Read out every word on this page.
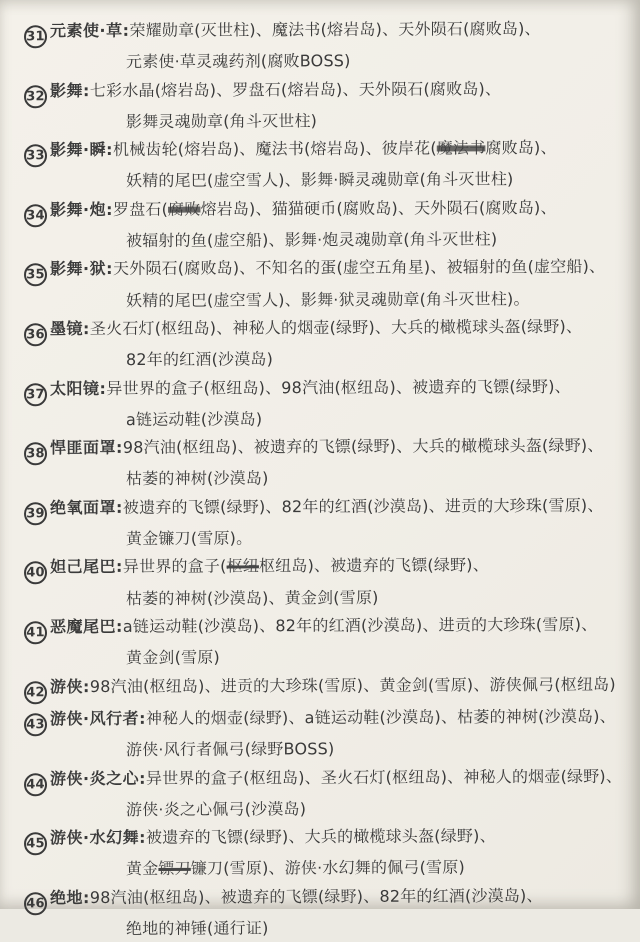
31 元素使·草:荣耀勋章(灭世柱)、魔法书(熔岩岛)、天外陨石(腐败岛)、
元素使·草灵魂药剂(腐败BOSS)
32 影舞:七彩水晶(熔岩岛)、罗盘石(熔岩岛)、天外陨石(腐败岛)、
影舞灵魂勋章(角斗灭世柱)
33 影舞·瞬:机械齿轮(熔岩岛)、魔法书(熔岩岛)、彼岸花(魔法书腐败岛)、
妖精的尾巴(虚空雪人)、影舞·瞬灵魂勋章(角斗灭世柱)
34 影舞·炮:罗盘石(腐败熔岩岛)、猫猫硬币(腐败岛)、天外陨石(腐败岛)、
被辐射的鱼(虚空船)、影舞·炮灵魂勋章(角斗灭世柱)
35 影舞·狱:天外陨石(腐败岛)、不知名的蛋(虚空五角星)、被辐射的鱼(虚空船)、
妖精的尾巴(虚空雪人)、影舞·狱灵魂勋章(角斗灭世柱)。
36 墨镜:圣火石灯(枢纽岛)、神秘人的烟壶(绿野)、大兵的橄榄球头盔(绿野)、
82年的红酒(沙漠岛)
37 太阳镜:异世界的盒子(枢纽岛)、98汽油(枢纽岛)、被遗弃的飞镖(绿野)、
a链运动鞋(沙漠岛)
38 悍匪面罩:98汽油(枢纽岛)、被遗弃的飞镖(绿野)、大兵的橄榄球头盔(绿野)、
枯萎的神树(沙漠岛)
39 绝氧面罩:被遗弃的飞镖(绿野)、82年的红酒(沙漠岛)、进贡的大珍珠(雪原)、
黄金镰刀(雪原)。
40 妲己尾巴:异世界的盒子(枢纽枢纽岛)、被遗弃的飞镖(绿野)、
枯萎的神树(沙漠岛)、黄金剑(雪原)
41 恶魔尾巴:a链运动鞋(沙漠岛)、82年的红酒(沙漠岛)、进贡的大珍珠(雪原)、
黄金剑(雪原)
42 游侠:98汽油(枢纽岛)、进贡的大珍珠(雪原)、黄金剑(雪原)、游侠佩弓(枢纽岛)
43 游侠·风行者:神秘人的烟壶(绿野)、a链运动鞋(沙漠岛)、枯萎的神树(沙漠岛)、
游侠·风行者佩弓(绿野BOSS)
44 游侠·炎之心:异世界的盒子(枢纽岛)、圣火石灯(枢纽岛)、神秘人的烟壶(绿野)、
游侠·炎之心佩弓(沙漠岛)
45 游侠·水幻舞:被遗弃的飞镖(绿野)、大兵的橄榄球头盔(绿野)、
黄金镖刀镰刀(雪原)、游侠·水幻舞的佩弓(雪原)
46 绝地:98汽油(枢纽岛)、被遗弃的飞镖(绿野)、82年的红酒(沙漠岛)、
绝地的神锤(通行证)
